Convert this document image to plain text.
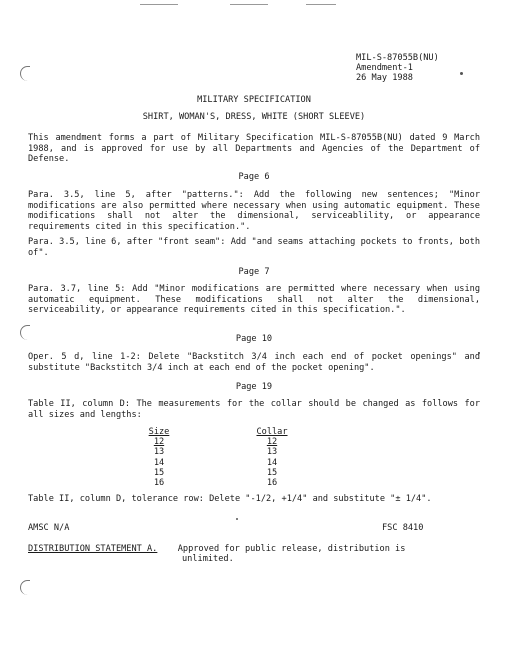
MIL-S-87055B(NU)
Amendment-1
26 May 1988
MILITARY SPECIFICATION
SHIRT, WOMAN'S, DRESS, WHITE (SHORT SLEEVE)
This amendment forms a part of Military Specification MIL-S-87055B(NU) dated 9 March 1988, and is approved for use by all Departments and Agencies of the Department of Defense.
Page 6
Para. 3.5, line 5, after "patterns.": Add the following new sentences; "Minor modifications are also permitted where necessary when using automatic equipment. These modifications shall not alter the dimensional, serviceablility, or appearance requirements cited in this specification.".
Para. 3.5, line 6, after "front seam": Add "and seams attaching pockets to fronts, both of".
Page 7
Para. 3.7, line 5: Add "Minor modifications are permitted where necessary when using automatic equipment. These modifications shall not alter the dimensional, serviceability, or appearance requirements cited in this specification.".
Page 10
Oper. 5 d, line 1-2: Delete "Backstitch 3/4 inch each end of pocket openings" and substitute "Backstitch 3/4 inch at each end of the pocket opening".
Page 19
Table II, column D: The measurements for the collar should be changed as follows for all sizes and lengths:
Size		Collar
12		12
13		13
14		14
15		15
16		16
Table II, column D, tolerance row: Delete "-1/2, +1/4" and substitute "± 1/4".
AMSC N/A	FSC 8410
DISTRIBUTION STATEMENT A. Approved for public release, distribution is
unlimited.
